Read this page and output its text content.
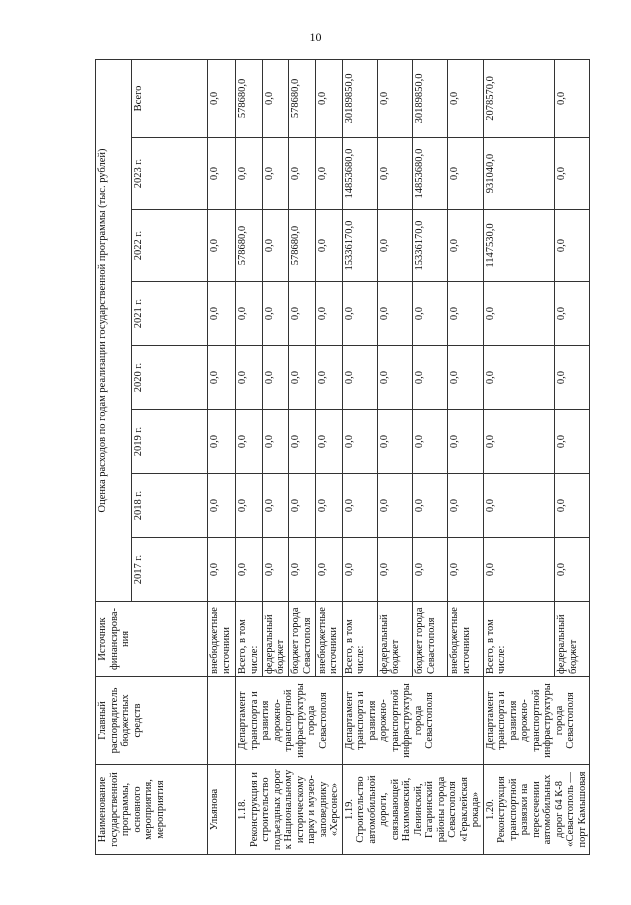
10
Наименование государственной программы, основного мероприятия, мероприятия	Главный распорядитель бюджетных средств	Источник финансирова-ния	Оценка расходов по годам реализации государственной программы (тыс. рублей)							
			2017 г.	2018 г.	2019 г.	2020 г.	2021 г.	2022 г.	2023 г.	Всего
Ульянова		внебюджетные источники	0,0	0,0	0,0	0,0	0,0	0,0	0,0	0,0
1.18. Реконструкция и строительство подъездных дорог к Национальному историческому парку и музею-заповеднику «Херсонес»	Департамент транспорта и развития дорожно-транспортной инфраструктуры города Севастополя	Всего, в том числе:	0,0	0,0	0,0	0,0	0,0	578680,0	0,0	578680,0
		федеральный бюджет	0,0	0,0	0,0	0,0	0,0	0,0	0,0	0,0
		бюджет города Севастополя	0,0	0,0	0,0	0,0	0,0	578680,0	0,0	578680,0
		внебюджетные источники	0,0	0,0	0,0	0,0	0,0	0,0	0,0	0,0
1.19. Строительство автомобильной дороги, связывающей Нахимовский, Ленинский, Гагаринский районы города Севастополя «Гераклейская рокада»	Департамент транспорта и развития дорожно-транспортной инфраструктуры города Севастополя	Всего, в том числе:	0,0	0,0	0,0	0,0	0,0	15336170,0	14853680,0	30189850,0
		федеральный бюджет	0,0	0,0	0,0	0,0	0,0	0,0	0,0	0,0
		бюджет города Севастополя	0,0	0,0	0,0	0,0	0,0	15336170,0	14853680,0	30189850,0
		внебюджетные источники	0,0	0,0	0,0	0,0	0,0	0,0	0,0	0,0
1.20. Реконструкция транспортной развязки на пересечении автомобильных дорог 64 К-8 «Севастополь — порт Камышовая	Департамент транспорта и развития дорожно-транспортной инфраструктуры города Севастополя	Всего, в том числе:	0,0	0,0	0,0	0,0	0,0	1147530,0	931040,0	2078570,0
		федеральный бюджет	0,0	0,0	0,0	0,0	0,0	0,0	0,0	0,0
